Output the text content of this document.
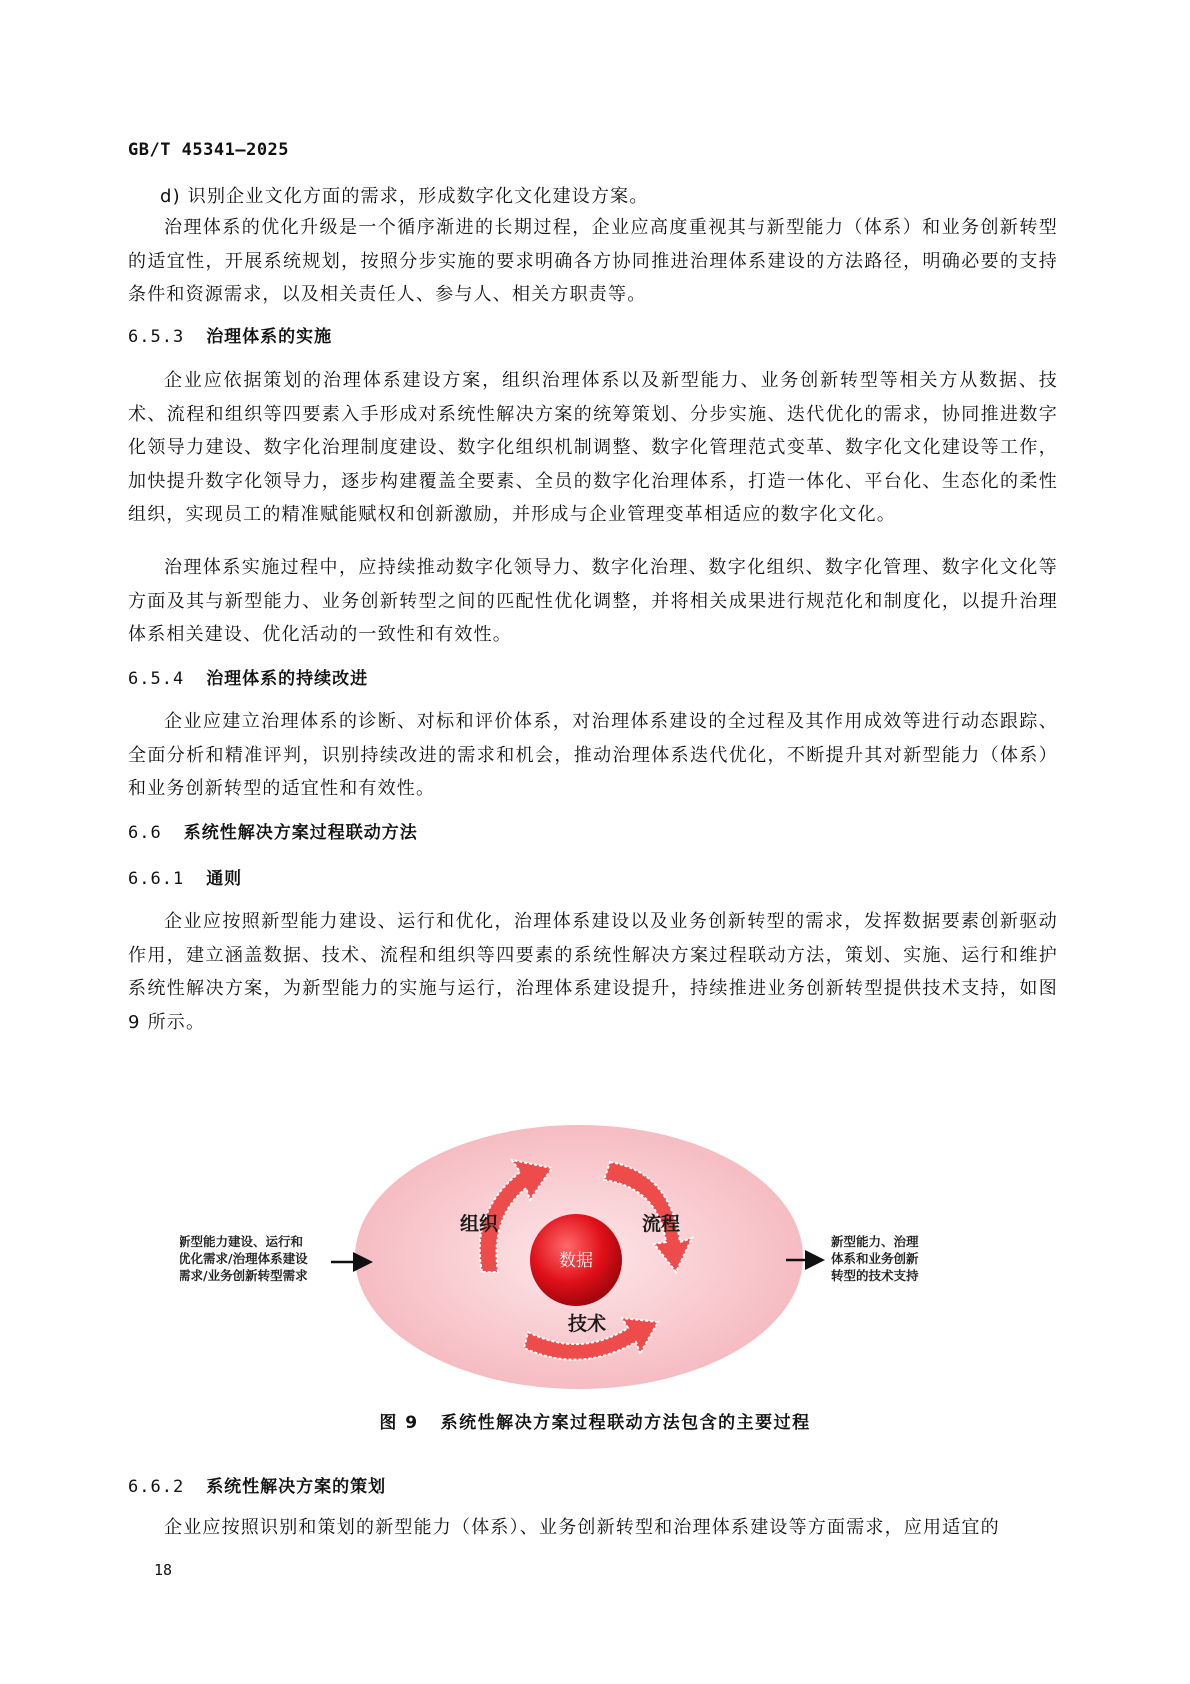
GB/T 45341—2025

d) 识别企业文化方面的需求，形成数字化文化建设方案。

治理体系的优化升级是一个循序渐进的长期过程，企业应高度重视其与新型能力（体系）和业务创新转型的适宜性，开展系统规划，按照分步实施的要求明确各方协同推进治理体系建设的方法路径，明确必要的支持条件和资源需求，以及相关责任人、参与人、相关方职责等。

6.5.3 治理体系的实施

企业应依据策划的治理体系建设方案，组织治理体系以及新型能力、业务创新转型等相关方从数据、技术、流程和组织等四要素入手形成对系统性解决方案的统筹策划、分步实施、迭代优化的需求，协同推进数字化领导力建设、数字化治理制度建设、数字化组织机制调整、数字化管理范式变革、数字化文化建设等工作，加快提升数字化领导力，逐步构建覆盖全要素、全员的数字化治理体系，打造一体化、平台化、生态化的柔性组织，实现员工的精准赋能赋权和创新激励，并形成与企业管理变革相适应的数字化文化。

治理体系实施过程中，应持续推动数字化领导力、数字化治理、数字化组织、数字化管理、数字化文化等方面及其与新型能力、业务创新转型之间的匹配性优化调整，并将相关成果进行规范化和制度化，以提升治理体系相关建设、优化活动的一致性和有效性。

6.5.4 治理体系的持续改进

企业应建立治理体系的诊断、对标和评价体系，对治理体系建设的全过程及其作用成效等进行动态跟踪、全面分析和精准评判，识别持续改进的需求和机会，推动治理体系迭代优化，不断提升其对新型能力（体系）和业务创新转型的适宜性和有效性。

6.6 系统性解决方案过程联动方法
6.6.1 通则

企业应按照新型能力建设、运行和优化，治理体系建设以及业务创新转型的需求，发挥数据要素创新驱动作用，建立涵盖数据、技术、流程和组织等四要素的系统性解决方案过程联动方法，策划、实施、运行和维护系统性解决方案，为新型能力的实施与运行，治理体系建设提升，持续推进业务创新转型提供技术支持，如图 9 所示。

新型能力建设、运行和
优化需求/治理体系建设
需求/业务创新转型需求
新型能力、治理
体系和业务创新
转型的技术支持
组织	流程
技术
数据
图 9 系统性解决方案过程联动方法包含的主要过程
6.6.2 系统性解决方案的策划

企业应按照识别和策划的新型能力（体系）、业务创新转型和治理体系建设等方面需求，应用适宜的

18
